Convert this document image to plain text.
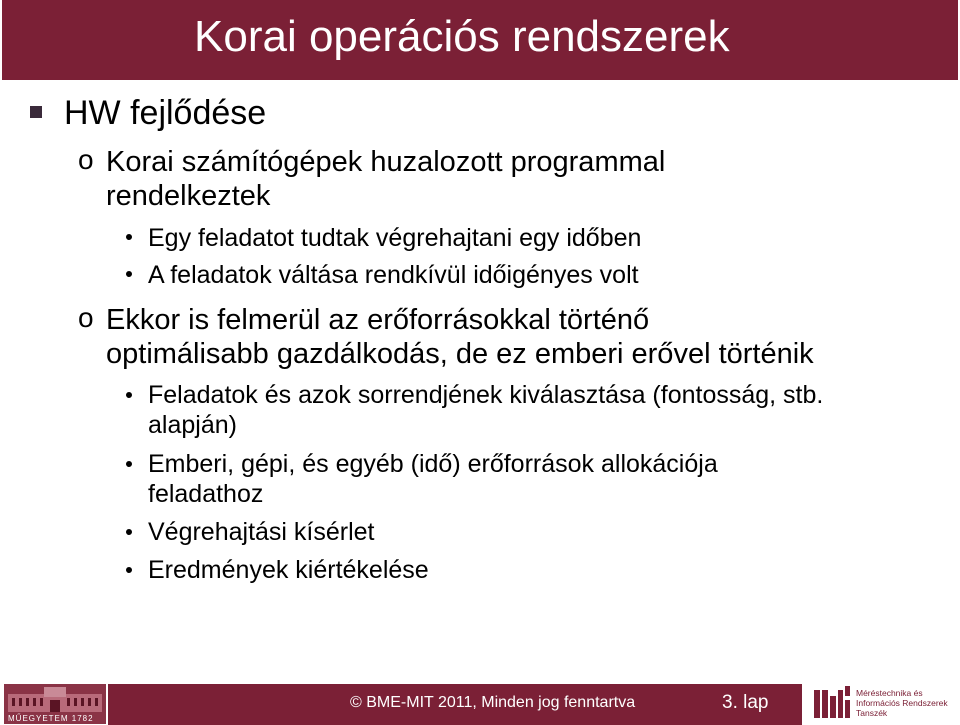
Korai operációs rendszerek
HW fejlődése
o Korai számítógépek huzalozott programmal
rendelkeztek
Egy feladatot tudtak végrehajtani egy időben
A feladatok váltása rendkívül időigényes volt
o Ekkor is felmerül az erőforrásokkal történő
optimálisabb gazdálkodás, de ez emberi erővel történik
Feladatok és azok sorrendjének kiválasztása (fontosság, stb.
alapján)
Emberi, gépi, és egyéb (idő) erőforrások allokációja
feladathoz
Végrehajtási kísérlet
Eredmények kiértékelése
MŰEGYETEM 1782
© BME-MIT 2011, Minden jog fenntartva	3. lap	Méréstechnika és
Információs Rendszerek
Tanszék
